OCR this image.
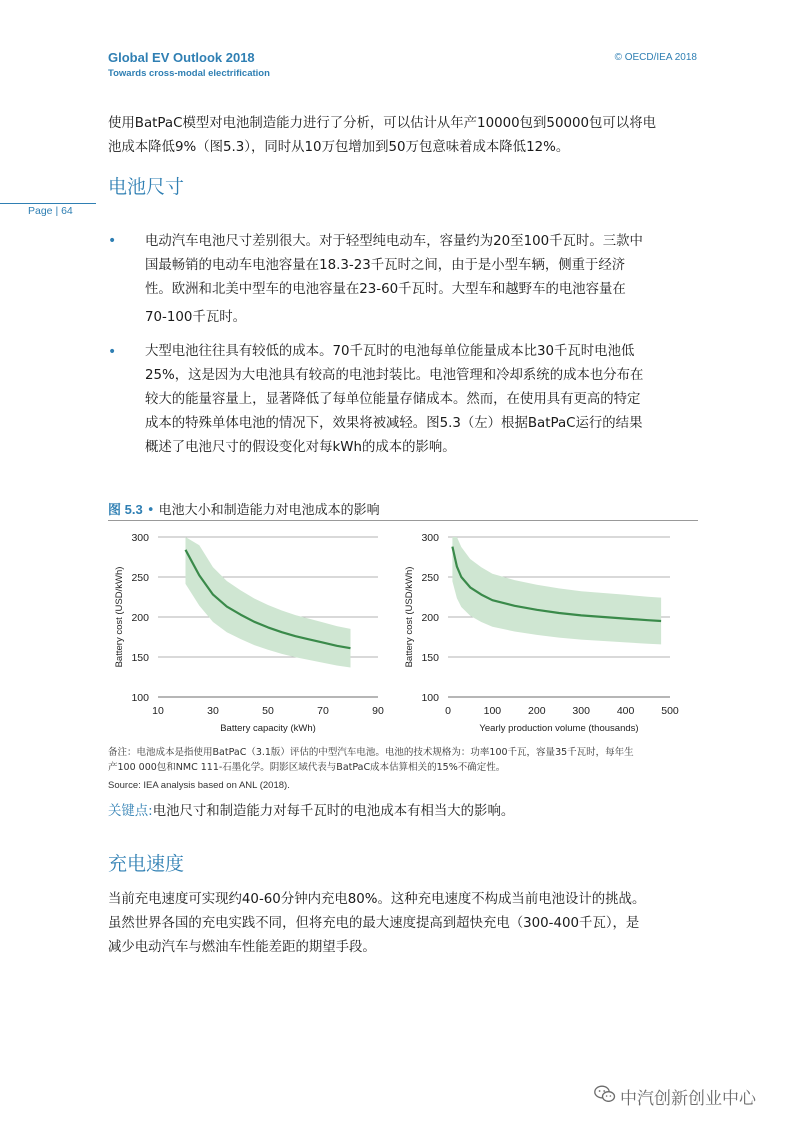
Global EV Outlook 2018
Towards cross-modal electrification
© OECD/IEA 2018
使用BatPaC模型对电池制造能力进行了分析，可以估计从年产10000包到50000包可以将电
池成本降低9%（图5.3），同时从10万包增加到50万包意味着成本降低12%。
电池尺寸
Page | 64
• 电动汽车电池尺寸差别很大。对于轻型纯电动车，容量约为20至100千瓦时。三款中
国最畅销的电动车电池容量在18.3-23千瓦时之间，由于是小型车辆，侧重于经济
性。欧洲和北美中型车的电池容量在23-60千瓦时。大型车和越野车的电池容量在
70-100千瓦时。
• 大型电池往往具有较低的成本。70千瓦时的电池每单位能量成本比30千瓦时电池低
25%，这是因为大电池具有较高的电池封装比。电池管理和冷却系统的成本也分布在
较大的能量容量上，显著降低了每单位能量存储成本。然而，在使用具有更高的特定
成本的特殊单体电池的情况下，效果将被减轻。图5.3（左）根据BatPaC运行的结果
概述了电池尺寸的假设变化对每kWh的成本的影响。
图 5.3 • 电池大小和制造能力对电池成本的影响
100
150
200
250
300
10	30	50	70	90
Battery capacity (kWh)
Battery cost (USD/kWh)
100
150
200
250
300
0	100	200	300	400	500
Yearly production volume (thousands)
Battery cost (USD/kWh)
备注：电池成本是指使用BatPaC（3.1版）评估的中型汽车电池。电池的技术规格为：功率100千瓦，容量35千瓦时，每年生
产100 000包和NMC 111-石墨化学。阴影区域代表与BatPaC成本估算相关的15%不确定性。
Source: IEA analysis based on ANL (2018).
关键点:电池尺寸和制造能力对每千瓦时的电池成本有相当大的影响。
充电速度
当前充电速度可实现约40-60分钟内充电80%。这种充电速度不构成当前电池设计的挑战。
虽然世界各国的充电实践不同，但将充电的最大速度提高到超快充电（300-400千瓦），是
减少电动汽车与燃油车性能差距的期望手段。
中汽创新创业中心
